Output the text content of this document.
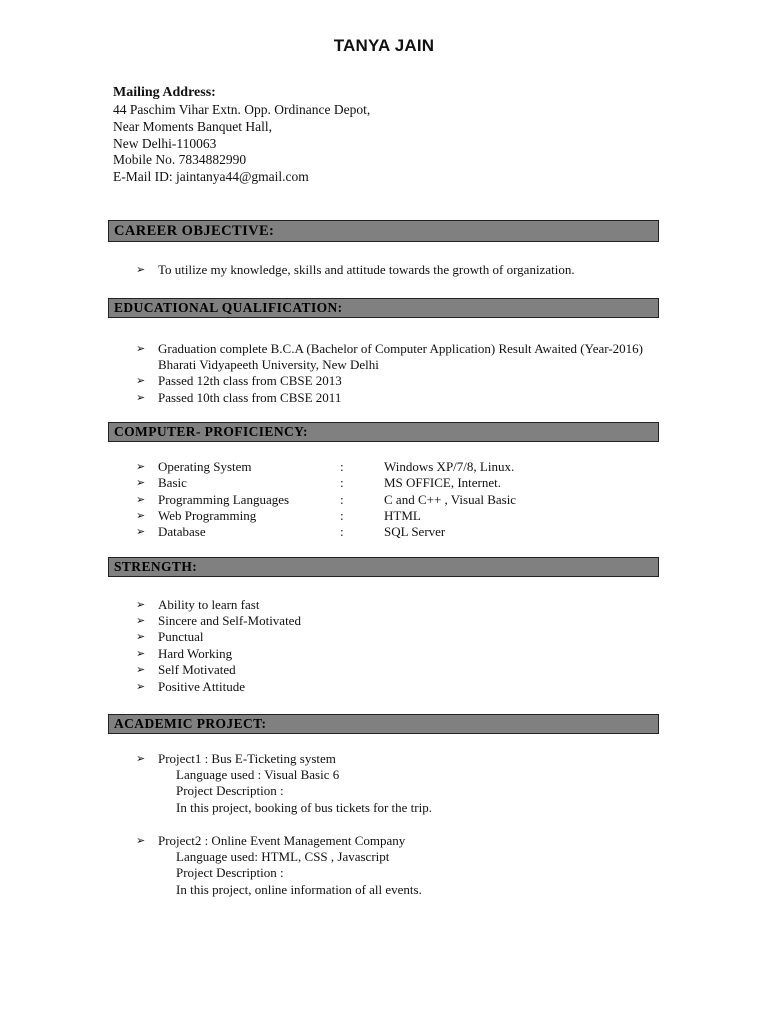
TANYA JAIN
Mailing Address:
44 Paschim Vihar Extn. Opp. Ordinance Depot,
Near Moments Banquet Hall,
New Delhi-110063
Mobile No. 7834882990
E-Mail ID: jaintanya44@gmail.com
CAREER OBJECTIVE:
➢ To utilize my knowledge, skills and attitude towards the growth of organization.
EDUCATIONAL QUALIFICATION:
➢ Graduation complete B.C.A (Bachelor of Computer Application) Result Awaited (Year-2016) Bharati Vidyapeeth University, New Delhi
➢ Passed 12th class from CBSE 2013
➢ Passed 10th class from CBSE 2011
COMPUTER- PROFICIENCY:
➢ Operating System	:	Windows XP/7/8, Linux.
➢ Basic	:	MS OFFICE, Internet.
➢ Programming Languages	:	C and C++ , Visual Basic
➢ Web Programming	:	HTML
➢ Database	:	SQL Server
STRENGTH:
➢ Ability to learn fast
➢ Sincere and Self-Motivated
➢ Punctual
➢ Hard Working
➢ Self Motivated
➢ Positive Attitude
ACADEMIC PROJECT:
➢ Project1 : Bus E-Ticketing system
Language used : Visual Basic 6
Project Description :
In this project, booking of bus tickets for the trip.
➢ Project2 : Online Event Management Company
Language used: HTML, CSS , Javascript
Project Description :
In this project, online information of all events.
